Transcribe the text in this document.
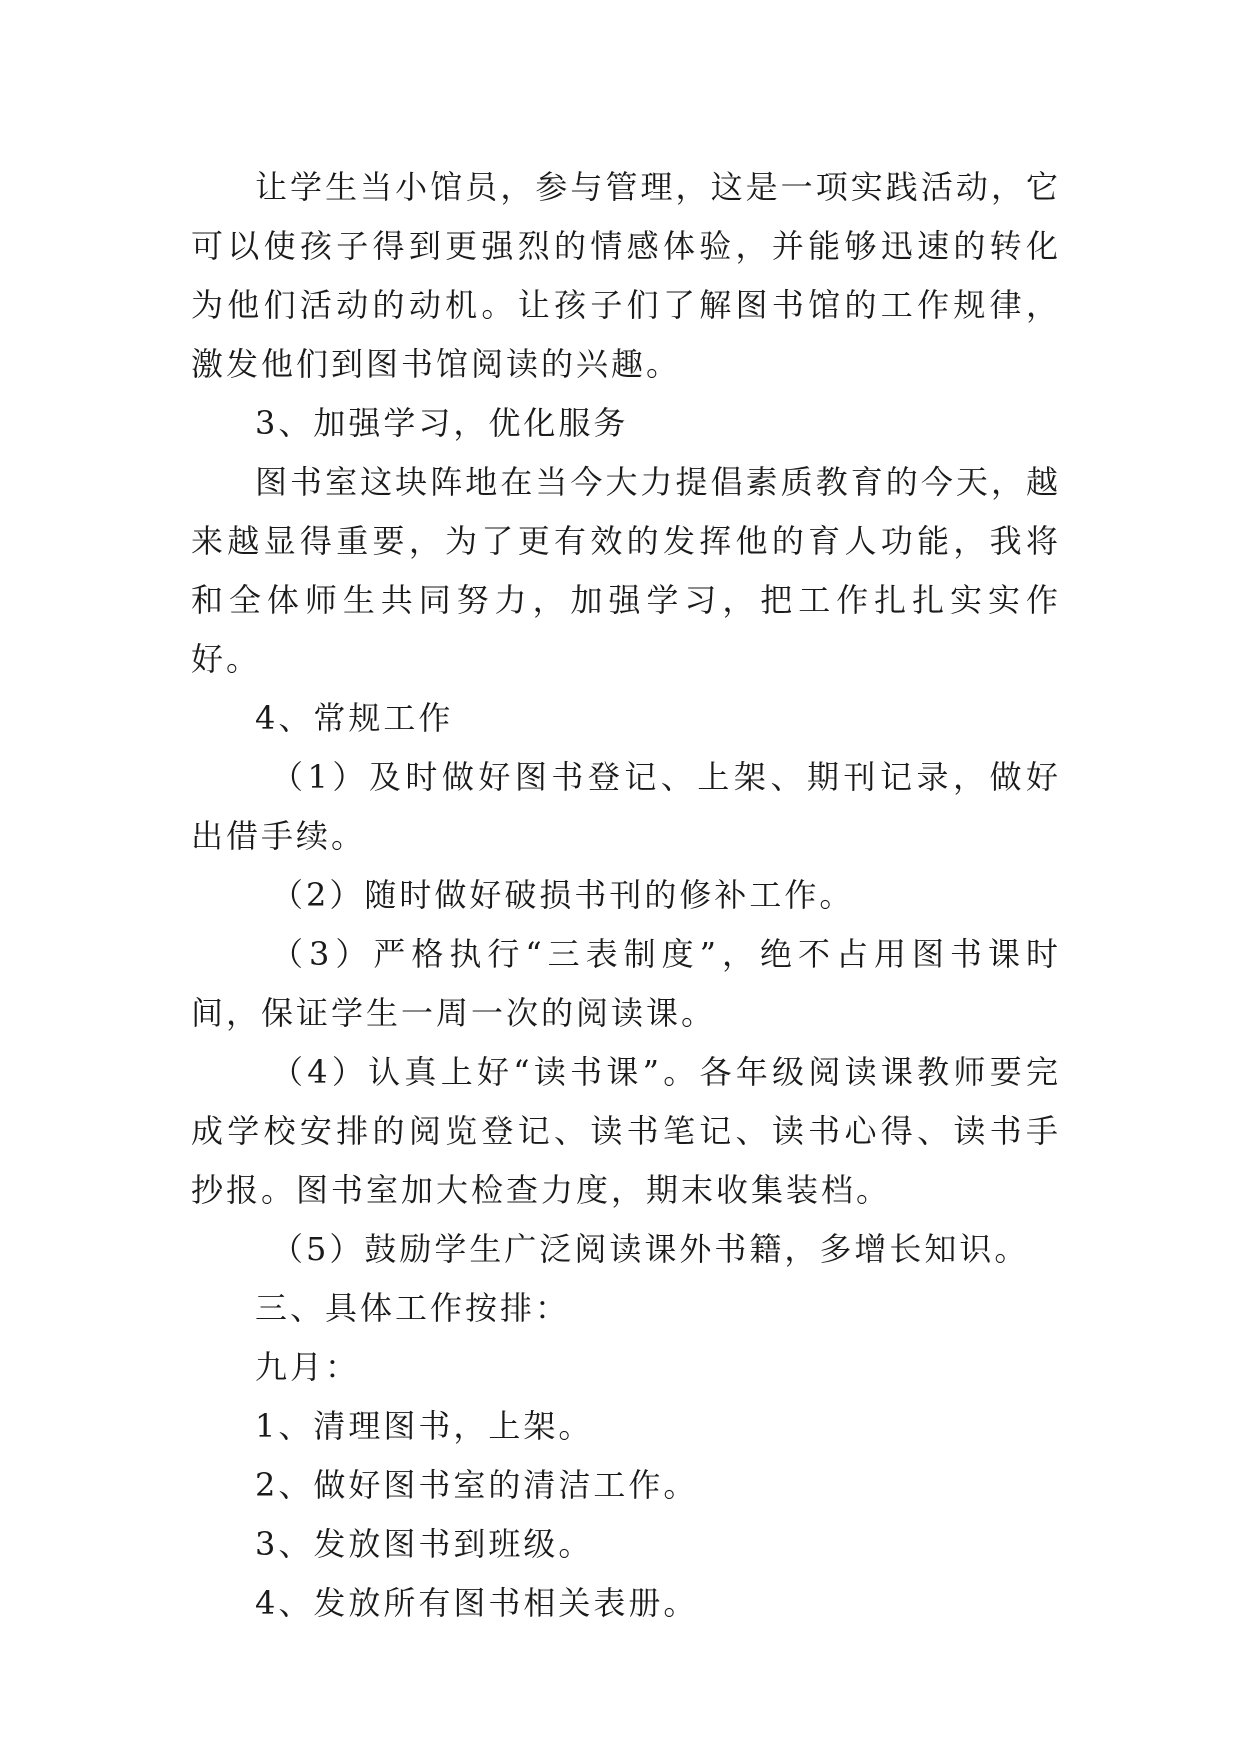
让学生当小馆员，参与管理，这是一项实践活动，它可以使孩子得到更强烈的情感体验，并能够迅速的转化为他们活动的动机。让孩子们了解图书馆的工作规律，激发他们到图书馆阅读的兴趣。

3、加强学习，优化服务

图书室这块阵地在当今大力提倡素质教育的今天，越来越显得重要，为了更有效的发挥他的育人功能，我将和全体师生共同努力，加强学习，把工作扎扎实实作好。

4、常规工作

（1）及时做好图书登记、上架、期刊记录，做好出借手续。

（2）随时做好破损书刊的修补工作。

（3）严格执行“三表制度”，绝不占用图书课时间，保证学生一周一次的阅读课。

（4）认真上好“读书课”。各年级阅读课教师要完成学校安排的阅览登记、读书笔记、读书心得、读书手抄报。图书室加大检查力度，期末收集装档。

（5）鼓励学生广泛阅读课外书籍，多增长知识。

三、具体工作按排：

九月：

1、清理图书，上架。

2、做好图书室的清洁工作。

3、发放图书到班级。

4、发放所有图书相关表册。
